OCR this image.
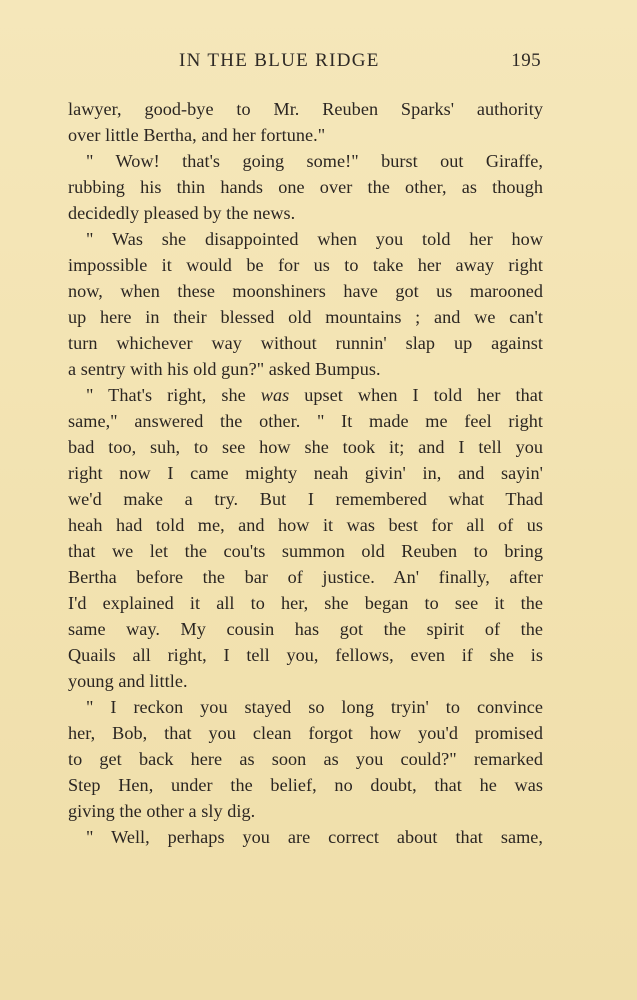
IN THE BLUE RIDGE	195
lawyer, good-bye to Mr. Reuben Sparks' authority
over little Bertha, and her fortune."
" Wow! that's going some!" burst out Giraffe,
rubbing his thin hands one over the other, as though
decidedly pleased by the news.
" Was she disappointed when you told her how
impossible it would be for us to take her away right
now, when these moonshiners have got us marooned
up here in their blessed old mountains ; and we can't
turn whichever way without runnin' slap up against
a sentry with his old gun?" asked Bumpus.
" That's right, she was upset when I told her that
same," answered the other. " It made me feel right
bad too, suh, to see how she took it; and I tell you
right now I came mighty neah givin' in, and sayin'
we'd make a try. But I remembered what Thad
heah had told me, and how it was best for all of us
that we let the cou'ts summon old Reuben to bring
Bertha before the bar of justice. An' finally, after
I'd explained it all to her, she began to see it the
same way. My cousin has got the spirit of the
Quails all right, I tell you, fellows, even if she is
young and little.
" I reckon you stayed so long tryin' to convince
her, Bob, that you clean forgot how you'd promised
to get back here as soon as you could?" remarked
Step Hen, under the belief, no doubt, that he was
giving the other a sly dig.
" Well, perhaps you are correct about that same,
